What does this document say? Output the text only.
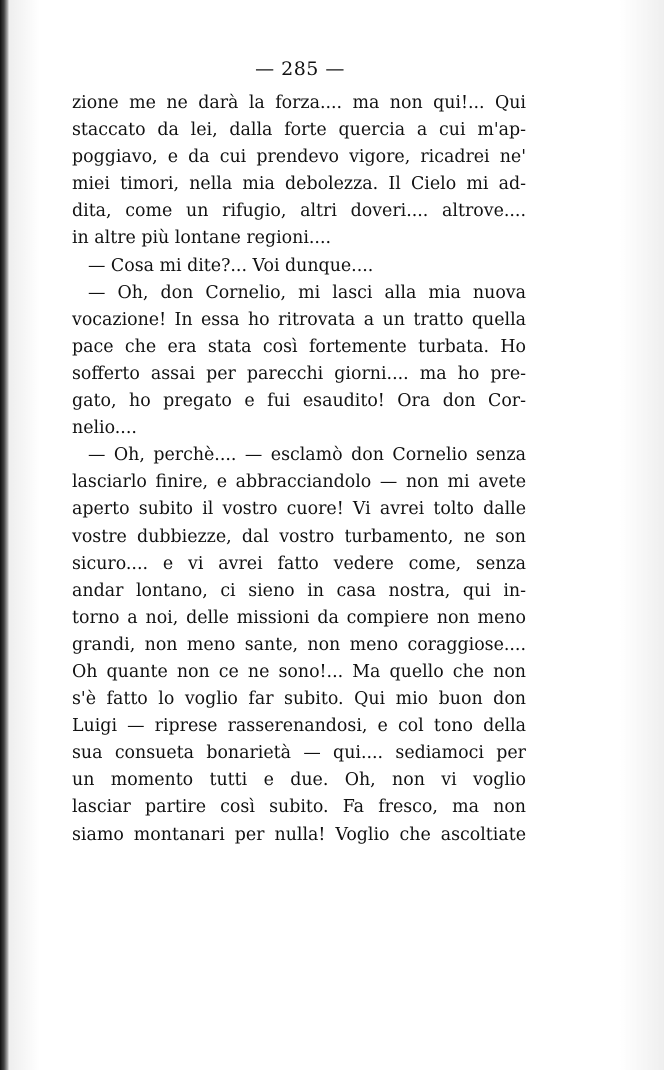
— 285 —
zione me ne darà la forza.... ma non qui!... Qui
staccato da lei, dalla forte quercia a cui m'ap-
poggiavo, e da cui prendevo vigore, ricadrei ne'
miei timori, nella mia debolezza. Il Cielo mi ad-
dita, come un rifugio, altri doveri.... altrove....
in altre più lontane regioni....
— Cosa mi dite?... Voi dunque....
— Oh, don Cornelio, mi lasci alla mia nuova
vocazione! In essa ho ritrovata a un tratto quella
pace che era stata così fortemente turbata. Ho
sofferto assai per parecchi giorni.... ma ho pre-
gato, ho pregato e fui esaudito! Ora don Cor-
nelio....
— Oh, perchè.... — esclamò don Cornelio senza
lasciarlo finire, e abbracciandolo — non mi avete
aperto subito il vostro cuore! Vi avrei tolto dalle
vostre dubbiezze, dal vostro turbamento, ne son
sicuro.... e vi avrei fatto vedere come, senza
andar lontano, ci sieno in casa nostra, qui in-
torno a noi, delle missioni da compiere non meno
grandi, non meno sante, non meno coraggiose....
Oh quante non ce ne sono!... Ma quello che non
s'è fatto lo voglio far subito. Qui mio buon don
Luigi — riprese rasserenandosi, e col tono della
sua consueta bonarietà — qui.... sediamoci per
un momento tutti e due. Oh, non vi voglio
lasciar partire così subito. Fa fresco, ma non
siamo montanari per nulla! Voglio che ascoltiate
